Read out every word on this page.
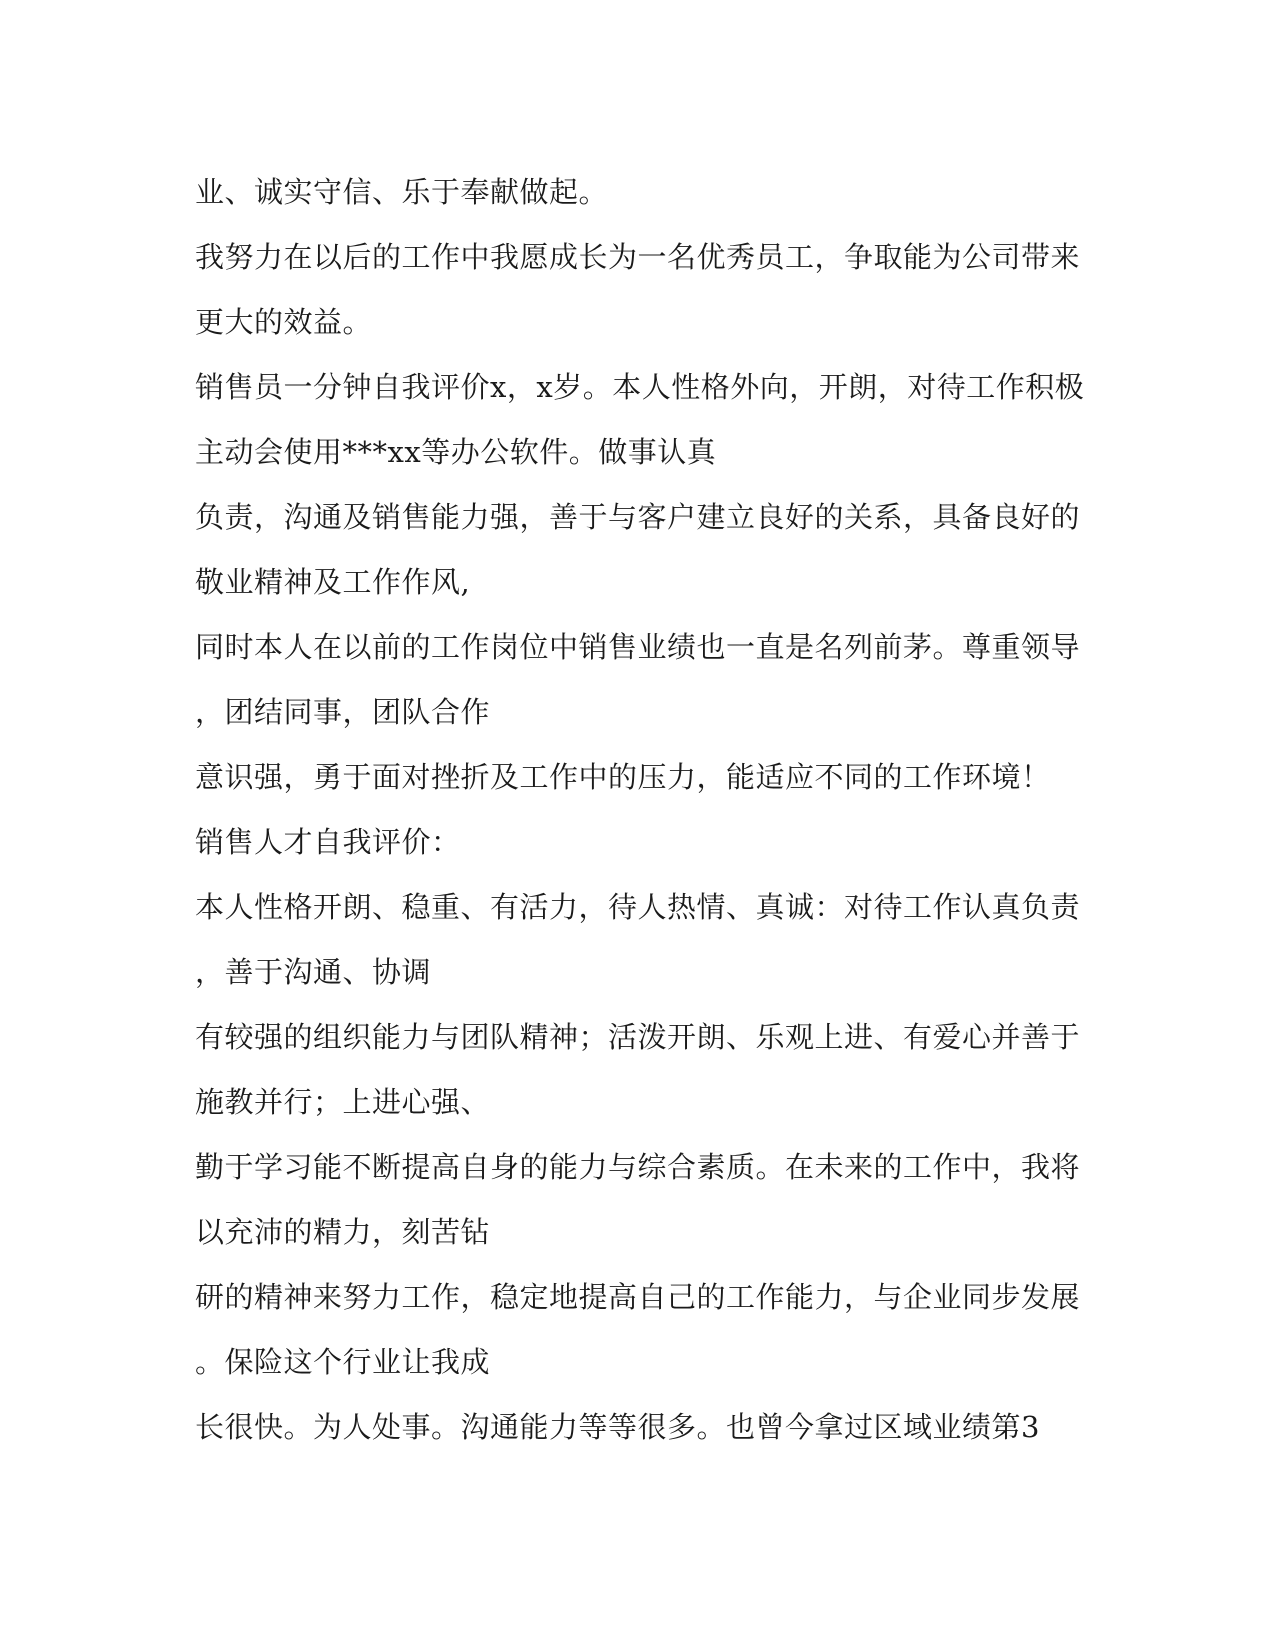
业、诚实守信、乐于奉献做起。
我努力在以后的工作中我愿成长为一名优秀员工，争取能为公司带来
更大的效益。
销售员一分钟自我评价x，x岁。本人性格外向，开朗，对待工作积极
主动会使用***xx等办公软件。做事认真
负责，沟通及销售能力强，善于与客户建立良好的关系，具备良好的
敬业精神及工作作风,
同时本人在以前的工作岗位中销售业绩也一直是名列前茅。尊重领导
，团结同事，团队合作
意识强，勇于面对挫折及工作中的压力，能适应不同的工作环境！
销售人才自我评价：
本人性格开朗、稳重、有活力，待人热情、真诚：对待工作认真负责
，善于沟通、协调
有较强的组织能力与团队精神；活泼开朗、乐观上进、有爱心并善于
施教并行；上进心强、
勤于学习能不断提高自身的能力与综合素质。在未来的工作中，我将
以充沛的精力，刻苦钻
研的精神来努力工作，稳定地提高自己的工作能力，与企业同步发展
。保险这个行业让我成
长很快。为人处事。沟通能力等等很多。也曾今拿过区域业绩第3
